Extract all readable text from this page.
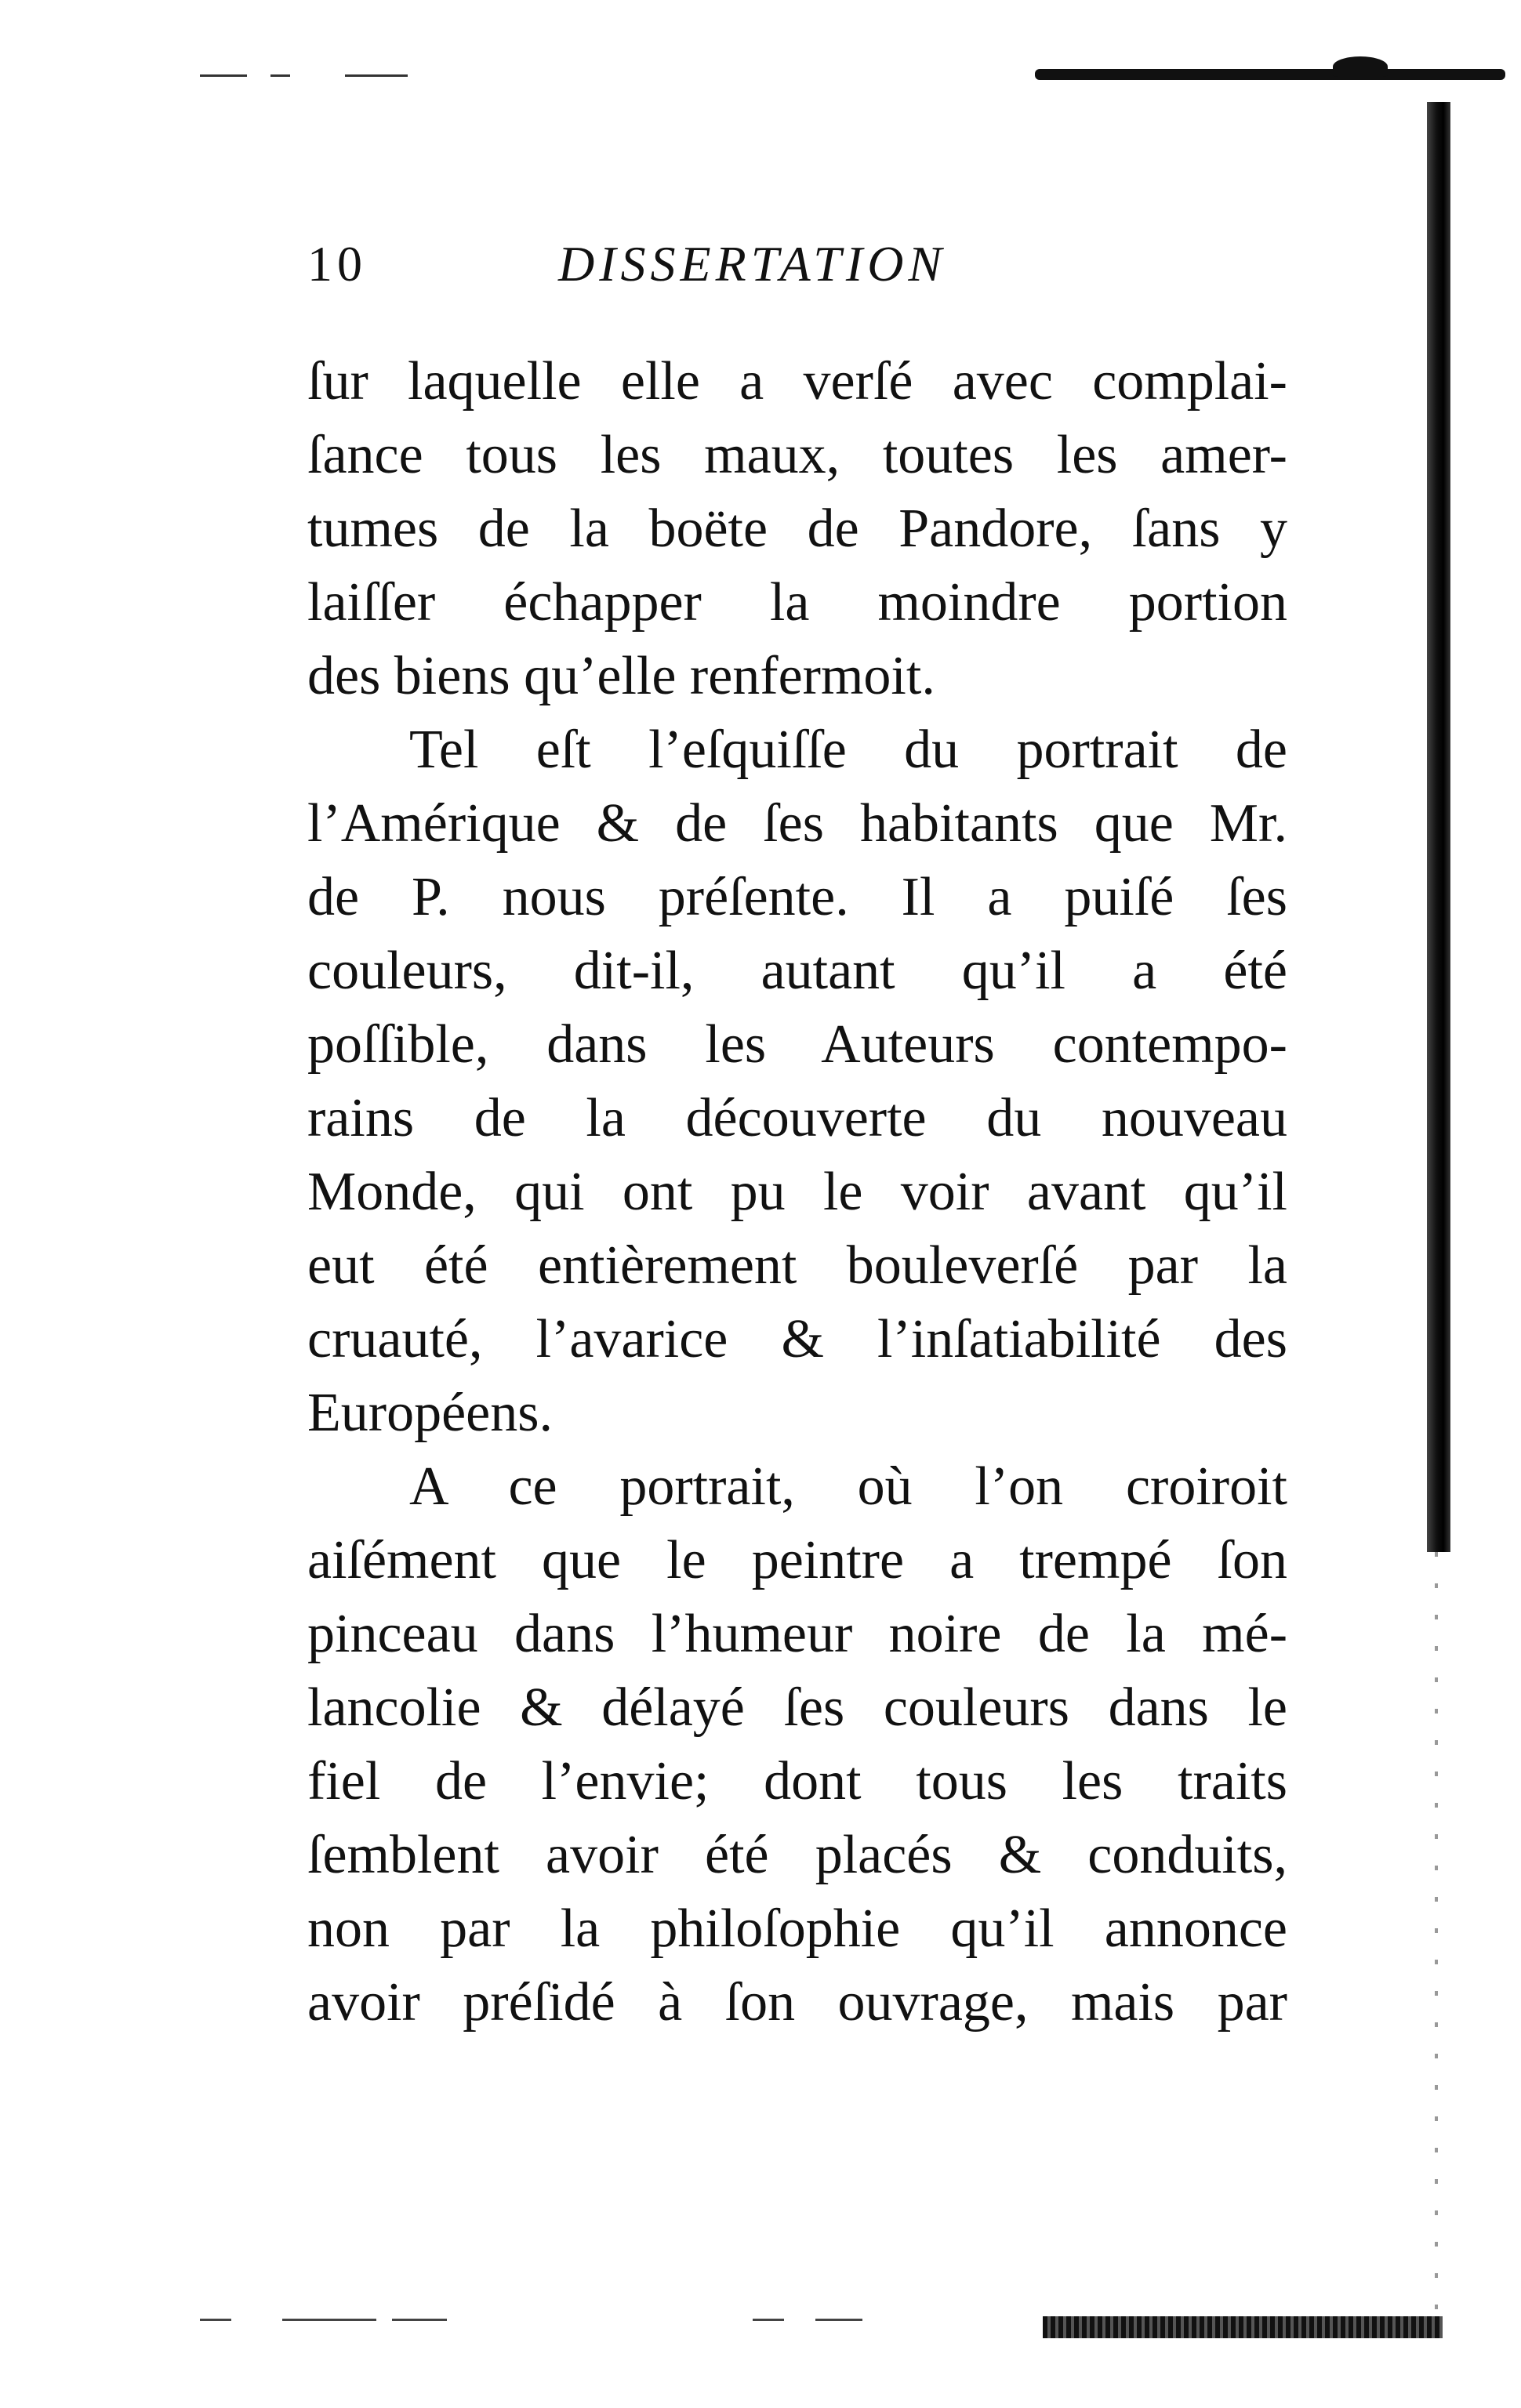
10	DISSERTATION

ſur laquelle elle a verſé avec complai-
ſance tous les maux, toutes les amer-
tumes de la boëte de Pandore, ſans y
laiſſer échapper la moindre portion
des biens qu’elle renfermoit.

Tel eſt l’eſquiſſe du portrait de
l’Amérique & de ſes habitants que Mr.
de P. nous préſente. Il a puiſé ſes
couleurs, dit-il, autant qu’il a été
poſſible, dans les Auteurs contempo-
rains de la découverte du nouveau
Monde, qui ont pu le voir avant qu’il
eut été entièrement bouleverſé par la
cruauté, l’avarice & l’inſatiabilité des
Européens.

A ce portrait, où l’on croiroit
aiſément que le peintre a trempé ſon
pinceau dans l’humeur noire de la mé-
lancolie & délayé ſes couleurs dans le
fiel de l’envie; dont tous les traits
ſemblent avoir été placés & conduits,
non par la philoſophie qu’il annonce
avoir préſidé à ſon ouvrage, mais par
